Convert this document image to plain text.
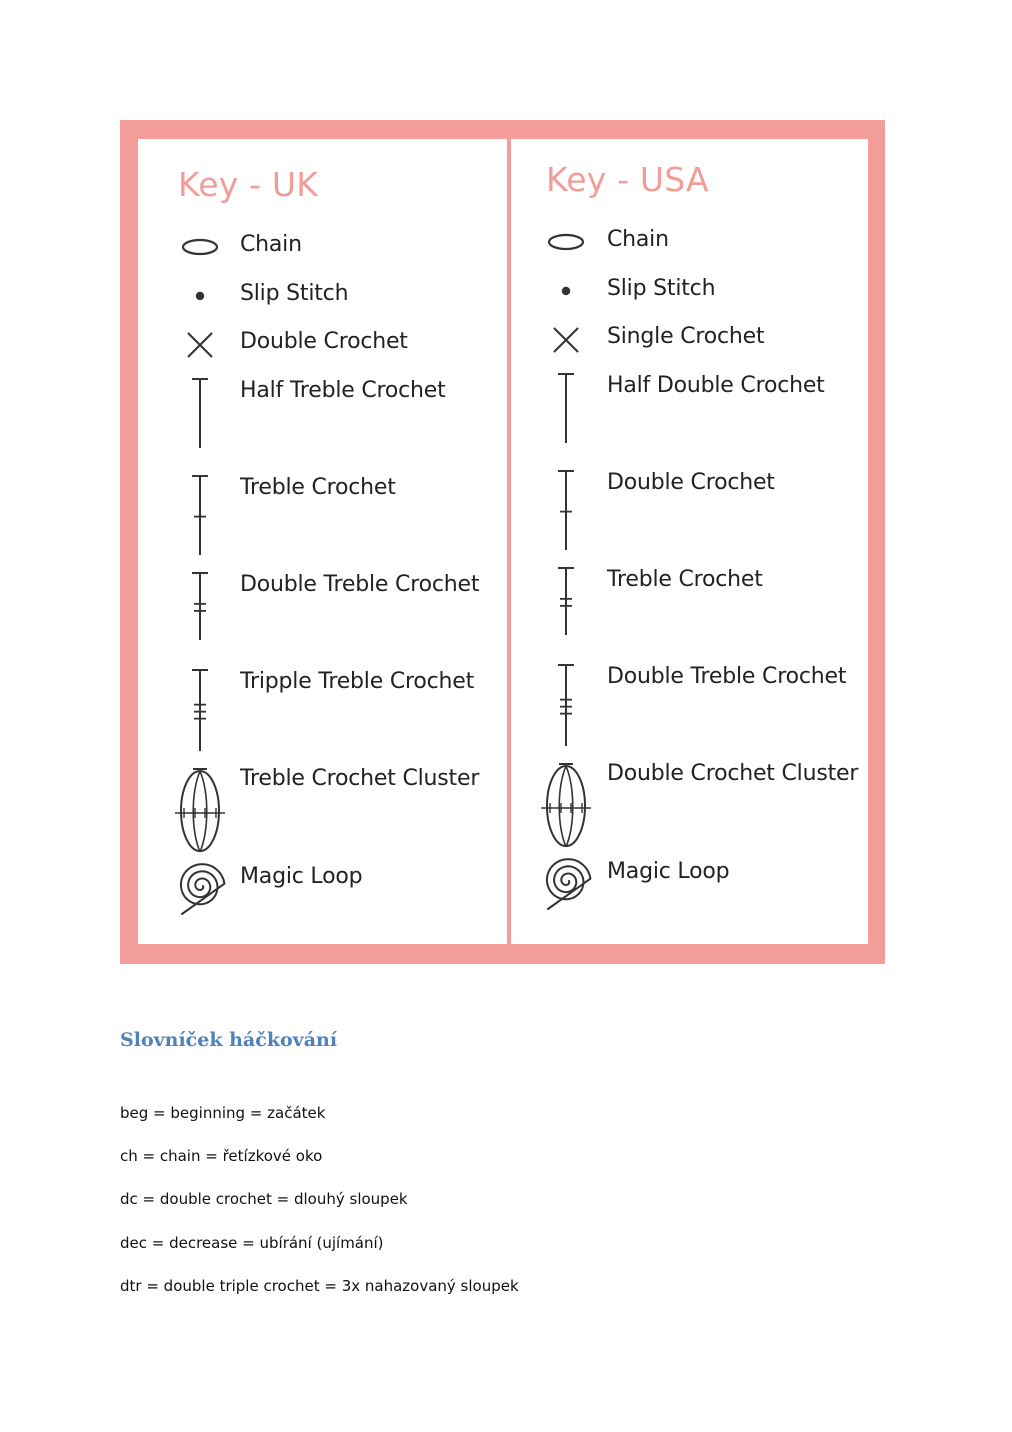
Key - UK
Chain
Slip Stitch
Double Crochet
Half Treble Crochet
Treble Crochet
Double Treble Crochet
Tripple Treble Crochet
Treble Crochet Cluster
Magic Loop
Key - USA
Chain
Slip Stitch
Single Crochet
Half Double Crochet
Double Crochet
Treble Crochet
Double Treble Crochet
Double Crochet Cluster
Magic Loop
Slovníček háčkování
beg = beginning = začátek
ch = chain = řetízkové oko
dc = double crochet = dlouhý sloupek
dec = decrease = ubírání (ujímání)
dtr = double triple crochet = 3x nahazovaný sloupek
